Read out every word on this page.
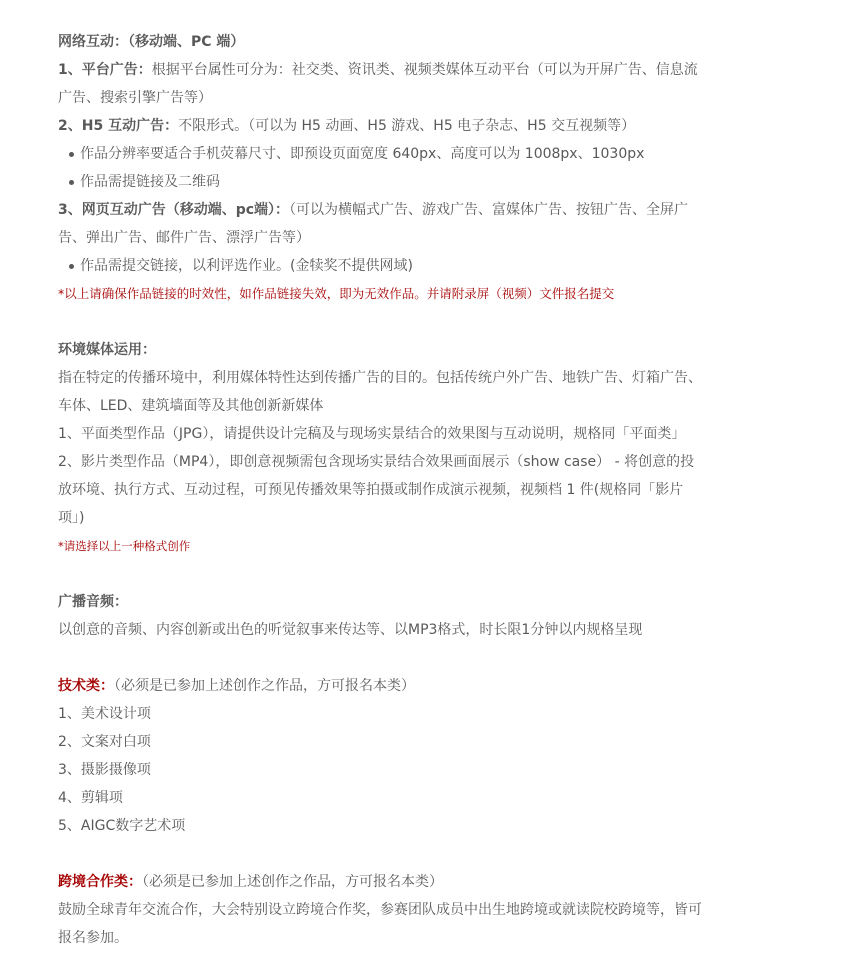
网络互动：（移动端、PC 端）
1、平台广告：根据平台属性可分为：社交类、资讯类、视频类媒体互动平台（可以为开屏广告、信息流
广告、搜索引擎广告等）
2、H5 互动广告：不限形式。（可以为 H5 动画、H5 游戏、H5 电子杂志、H5 交互视频等）
作品分辨率要适合手机荧幕尺寸、即预设页面宽度 640px、高度可以为 1008px、1030px
作品需提链接及二维码
3、网页互动广告（移动端、pc端）：（可以为横幅式广告、游戏广告、富媒体广告、按钮广告、全屏广
告、弹出广告、邮件广告、漂浮广告等）
作品需提交链接，以利评选作业。(金犊奖不提供网域)
*以上请确保作品链接的时效性，如作品链接失效，即为无效作品。并请附录屏（视频）文件报名提交
环境媒体运用：
指在特定的传播环境中，利用媒体特性达到传播广告的目的。包括传统户外广告、地铁广告、灯箱广告、
车体、LED、建筑墙面等及其他创新新媒体
1、平面类型作品（JPG），请提供设计完稿及与现场实景结合的效果图与互动说明，规格同「平面类」
2、影片类型作品（MP4），即创意视频需包含现场实景结合效果画面展示（show case） - 将创意的投
放环境、执行方式、互动过程，可预见传播效果等拍摄或制作成演示视频，视频档 1 件(规格同「影片
项」)
*请选择以上一种格式创作
广播音频：
以创意的音频、内容创新或出色的听觉叙事来传达等、以MP3格式，时长限1分钟以内规格呈现
技术类：（必须是已参加上述创作之作品，方可报名本类）
1、美术设计项
2、文案对白项
3、摄影摄像项
4、剪辑项
5、AIGC数字艺术项
跨境合作类：（必须是已参加上述创作之作品，方可报名本类）
鼓励全球青年交流合作，大会特别设立跨境合作奖，参赛团队成员中出生地跨境或就读院校跨境等，皆可
报名参加。
